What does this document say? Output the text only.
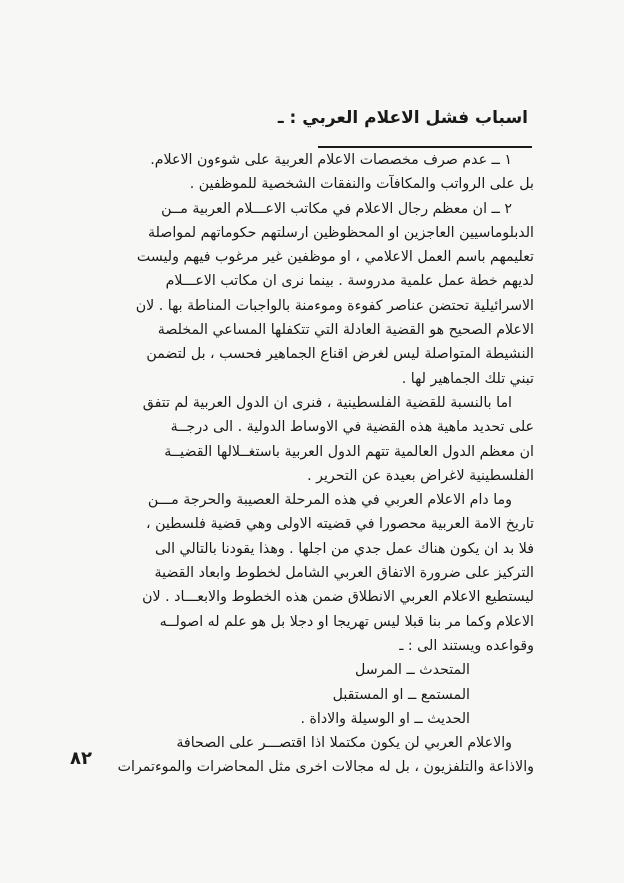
اسباب فشل الاعلام العربي : ـ
١ ــ عدم صرف مخصصات الاعلام العربية على شوءون الاعلام.
بل على الرواتب والمكافآت والنفقات الشخصية للموظفين .
٢ ــ ان معظم رجال الاعلام في مكاتب الاعـــلام العربية مــن
الدبلوماسيين العاجزين او المحظوظين ارسلتهم حكوماتهم لمواصلة
تعليمهم باسم العمل الاعلامي ، او موظفين غير مرغوب فيهم وليست
لديهم خطة عمل علمية مدروسة . بينما نرى ان مكاتب الاعـــلام
الاسرائيلية تحتضن عناصر كفوءة وموءمنة بالواجبات المناطة بها . لان
الاعلام الصحيح هو القضية العادلة التي تتكفلها المساعي المخلصة
النشيطة المتواصلة ليس لغرض اقناع الجماهير فحسب ، بل لتضمن
تبني تلك الجماهير لها .
اما بالنسبة للقضية الفلسطينية ، فنرى ان الدول العربية لم تتفق
على تحديد ماهية هذه القضية في الاوساط الدولية . الى درجــة
ان معظم الدول العالمية تتهم الدول العربية باستغــلالها القضيــة
الفلسطينية لاغراض بعيدة عن التحرير .
وما دام الاعلام العربي في هذه المرحلة العصيبة والحرجة مـــن
تاريخ الامة العربية محصورا في قضيته الاولى وهي قضية فلسطين ،
فلا بد ان يكون هناك عمل جدي من اجلها . وهذا يقودنا بالتالي الى
التركيز على ضرورة الاتفاق العربي الشامل لخطوط وابعاد القضية
ليستطيع الاعلام العربي الانطلاق ضمن هذه الخطوط والابعـــاد . لان
الاعلام وكما مر بنا قبلا ليس تهريجا او دجلا بل هو علم له اصولــه
وقواعده ويستند الى : ـ
المتحدث ــ المرسل
المستمع ــ او المستقبل
الحديث ــ او الوسيلة والاداة .
والاعلام العربي لن يكون مكتملا اذا اقتصـــر على الصحافة
والاذاعة والتلفزيون ، بل له مجالات اخرى مثل المحاضرات والموءتمرات
٨٢
